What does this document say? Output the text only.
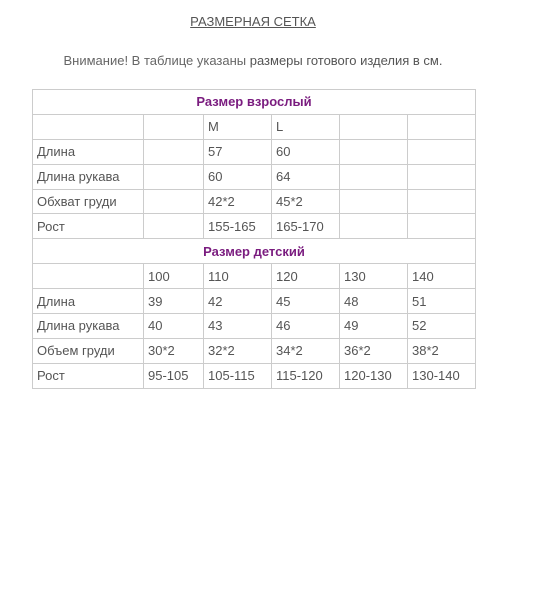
РАЗМЕРНАЯ СЕТКА
Внимание! В таблице указаны размеры готового изделия в см.
Размер взрослый					
		M	L		
Длина		57	60		
Длина рукава		60	64		
Обхват груди		42*2	45*2		
Рост		155-165	165-170		
Размер детский					
	100	110	120	130	140
Длина	39	42	45	48	51
Длина рукава	40	43	46	49	52
Объем груди	30*2	32*2	34*2	36*2	38*2
Рост	95-105	105-115	115-120	120-130	130-140
